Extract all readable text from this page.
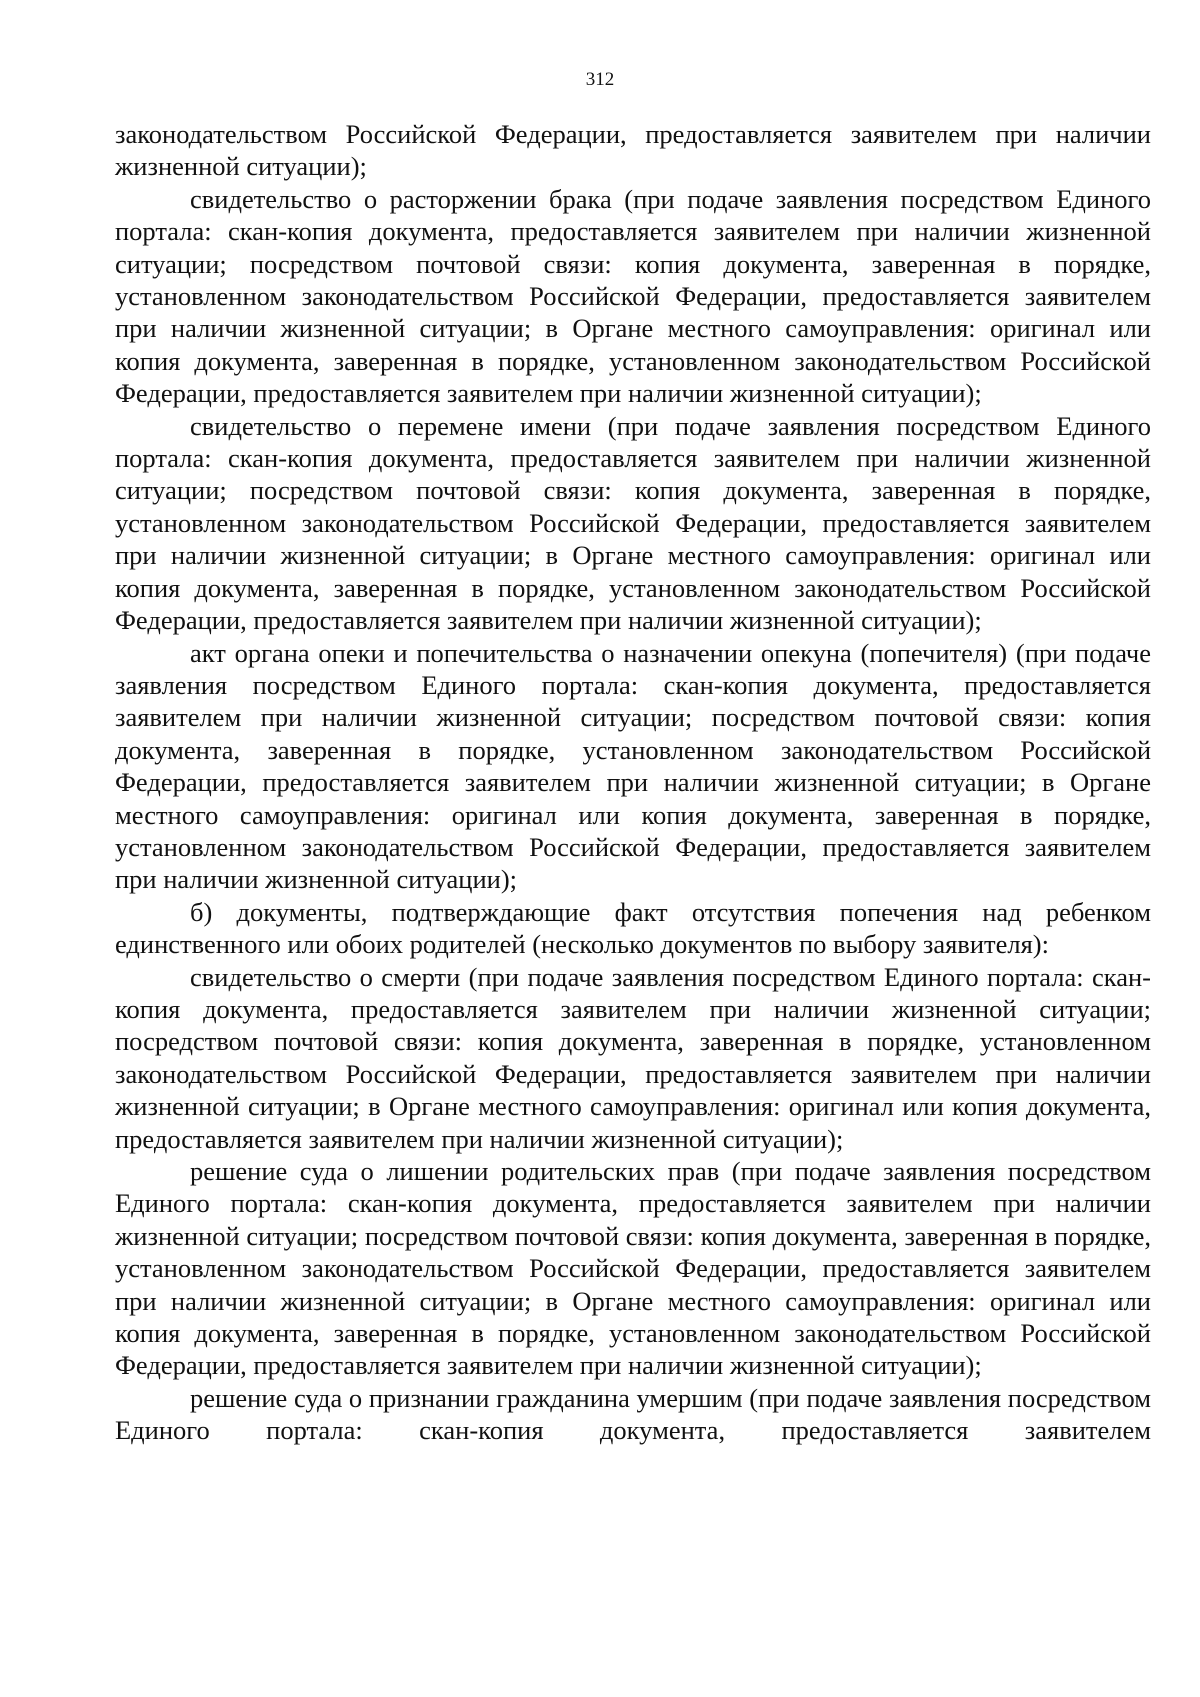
312

законодательством Российской Федерации, предоставляется заявителем при наличии жизненной ситуации);

свидетельство о расторжении брака (при подаче заявления посредством Единого портала: скан-копия документа, предоставляется заявителем при наличии жизненной ситуации; посредством почтовой связи: копия документа, заверенная в порядке, установленном законодательством Российской Федерации, предоставляется заявителем при наличии жизненной ситуации; в Органе местного самоуправления: оригинал или копия документа, заверенная в порядке, установленном законодательством Российской Федерации, предоставляется заявителем при наличии жизненной ситуации);

свидетельство о перемене имени (при подаче заявления посредством Единого портала: скан-копия документа, предоставляется заявителем при наличии жизненной ситуации; посредством почтовой связи: копия документа, заверенная в порядке, установленном законодательством Российской Федерации, предоставляется заявителем при наличии жизненной ситуации; в Органе местного самоуправления: оригинал или копия документа, заверенная в порядке, установленном законодательством Российской Федерации, предоставляется заявителем при наличии жизненной ситуации);

акт органа опеки и попечительства о назначении опекуна (попечителя) (при подаче заявления посредством Единого портала: скан-копия документа, предоставляется заявителем при наличии жизненной ситуации; посредством почтовой связи: копия документа, заверенная в порядке, установленном законодательством Российской Федерации, предоставляется заявителем при наличии жизненной ситуации; в Органе местного самоуправления: оригинал или копия документа, заверенная в порядке, установленном законодательством Российской Федерации, предоставляется заявителем при наличии жизненной ситуации);

б) документы, подтверждающие факт отсутствия попечения над ребенком единственного или обоих родителей (несколько документов по выбору заявителя):

свидетельство о смерти (при подаче заявления посредством Единого портала: скан-копия документа, предоставляется заявителем при наличии жизненной ситуации; посредством почтовой связи: копия документа, заверенная в порядке, установленном законодательством Российской Федерации, предоставляется заявителем при наличии жизненной ситуации; в Органе местного самоуправления: оригинал или копия документа, предоставляется заявителем при наличии жизненной ситуации);

решение суда о лишении родительских прав (при подаче заявления посредством Единого портала: скан-копия документа, предоставляется заявителем при наличии жизненной ситуации; посредством почтовой связи: копия документа, заверенная в порядке, установленном законодательством Российской Федерации, предоставляется заявителем при наличии жизненной ситуации; в Органе местного самоуправления: оригинал или копия документа, заверенная в порядке, установленном законодательством Российской Федерации, предоставляется заявителем при наличии жизненной ситуации);

решение суда о признании гражданина умершим (при подаче заявления посредством Единого портала: скан-копия документа, предоставляется заявителем
